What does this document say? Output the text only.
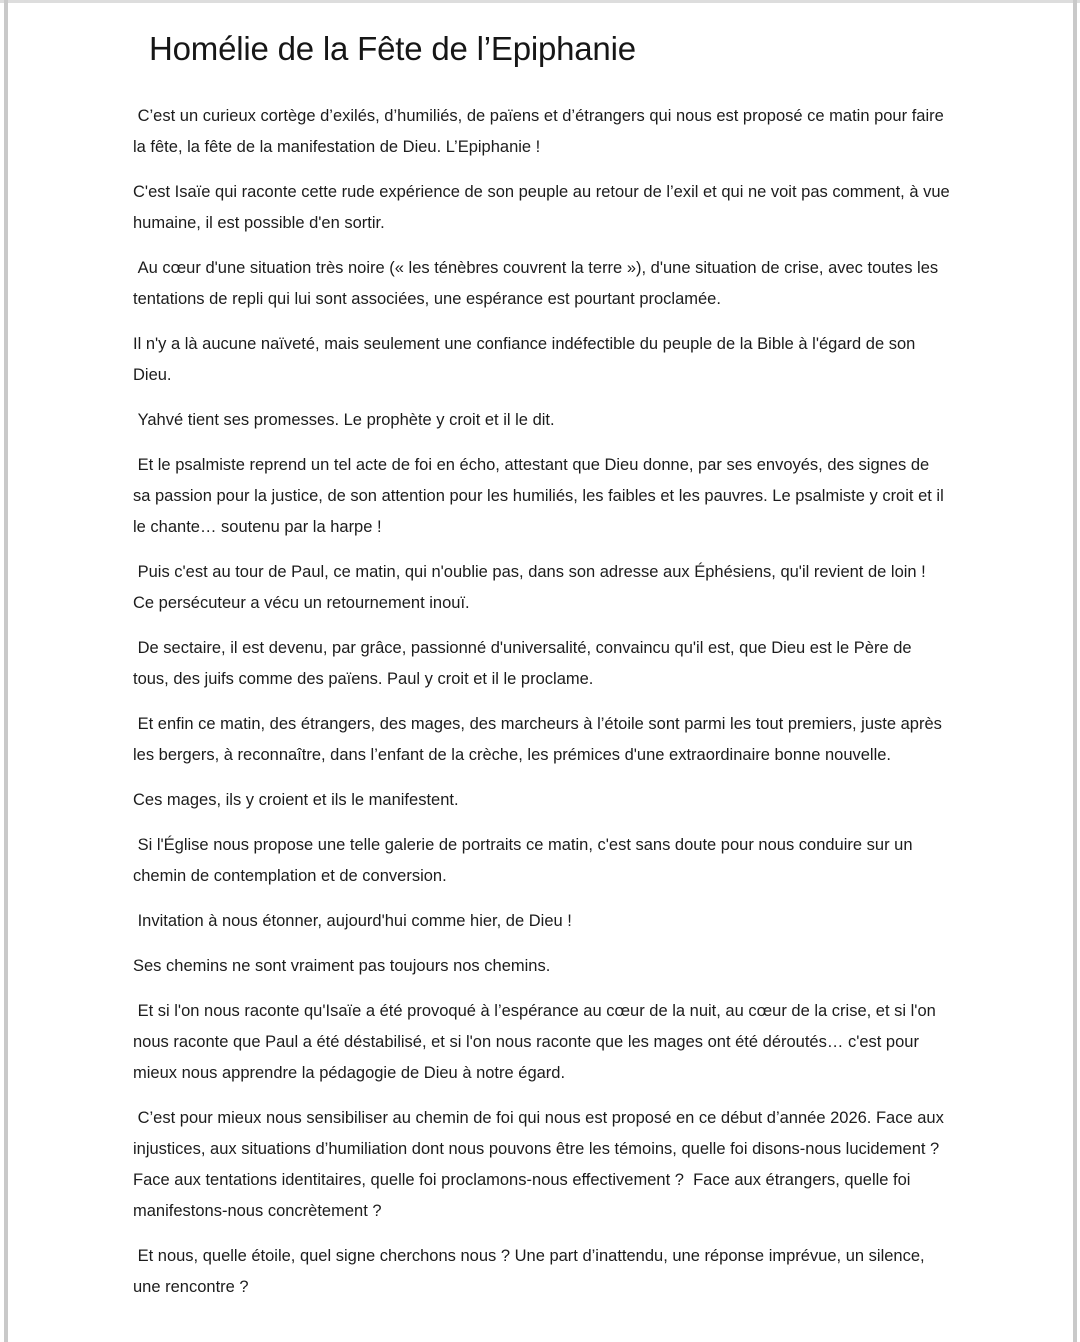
Homélie de la Fête de l’Epiphanie

C’est un curieux cortège d’exilés, d’humiliés, de païens et d’étrangers qui nous est proposé ce matin pour faire la fête, la fête de la manifestation de Dieu. L’Epiphanie !

C'est Isaïe qui raconte cette rude expérience de son peuple au retour de l’exil et qui ne voit pas comment, à vue humaine, il est possible d'en sortir.

Au cœur d'une situation très noire (« les ténèbres couvrent la terre »), d'une situation de crise, avec toutes les tentations de repli qui lui sont associées, une espérance est pourtant proclamée.

Il n'y a là aucune naïveté, mais seulement une confiance indéfectible du peuple de la Bible à l'égard de son Dieu.

Yahvé tient ses promesses. Le prophète y croit et il le dit.

Et le psalmiste reprend un tel acte de foi en écho, attestant que Dieu donne, par ses envoyés, des signes de sa passion pour la justice, de son attention pour les humiliés, les faibles et les pauvres. Le psalmiste y croit et il le chante… soutenu par la harpe !

Puis c'est au tour de Paul, ce matin, qui n'oublie pas, dans son adresse aux Éphésiens, qu'il revient de loin ! Ce persécuteur a vécu un retournement inouï.

De sectaire, il est devenu, par grâce, passionné d'universalité, convaincu qu'il est, que Dieu est le Père de tous, des juifs comme des païens. Paul y croit et il le proclame.

Et enfin ce matin, des étrangers, des mages, des marcheurs à l’étoile sont parmi les tout premiers, juste après les bergers, à reconnaître, dans l’enfant de la crèche, les prémices d'une extraordinaire bonne nouvelle.

Ces mages, ils y croient et ils le manifestent.

Si l'Église nous propose une telle galerie de portraits ce matin, c'est sans doute pour nous conduire sur un chemin de contemplation et de conversion.

Invitation à nous étonner, aujourd'hui comme hier, de Dieu !

Ses chemins ne sont vraiment pas toujours nos chemins.

Et si l'on nous raconte qu'Isaïe a été provoqué à l’espérance au cœur de la nuit, au cœur de la crise, et si l'on nous raconte que Paul a été déstabilisé, et si l'on nous raconte que les mages ont été déroutés… c'est pour mieux nous apprendre la pédagogie de Dieu à notre égard.

C’est pour mieux nous sensibiliser au chemin de foi qui nous est proposé en ce début d’année 2026. Face aux injustices, aux situations d’humiliation dont nous pouvons être les témoins, quelle foi disons-nous lucidement ? Face aux tentations identitaires, quelle foi proclamons-nous effectivement ?  Face aux étrangers, quelle foi manifestons-nous concrètement ?

Et nous, quelle étoile, quel signe cherchons nous ? Une part d’inattendu, une réponse imprévue, un silence, une rencontre ?
